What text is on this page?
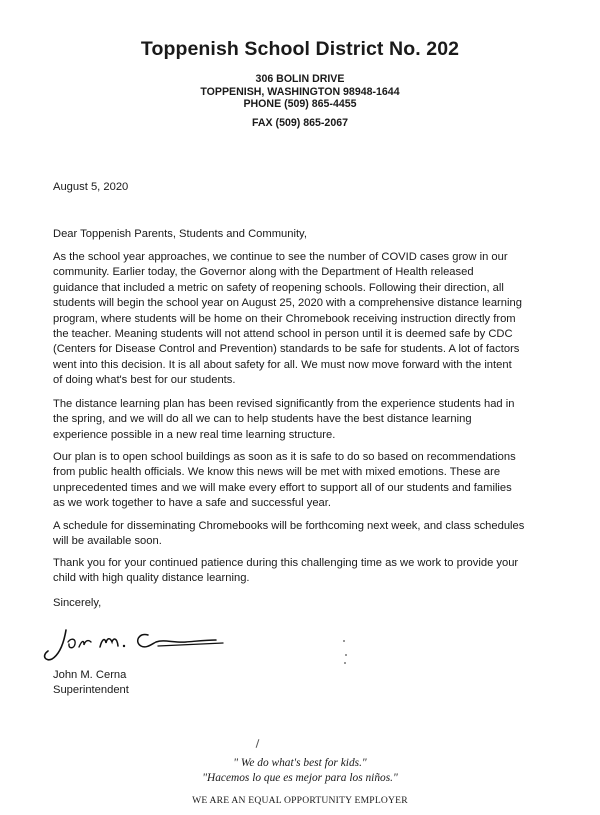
Toppenish School District No. 202
306 BOLIN DRIVE
TOPPENISH, WASHINGTON 98948-1644
PHONE (509) 865-4455
FAX (509) 865-2067
August 5, 2020
Dear Toppenish Parents, Students and Community,
As the school year approaches, we continue to see the number of COVID cases grow in our
community. Earlier today, the Governor along with the Department of Health released
guidance that included a metric on safety of reopening schools. Following their direction, all
students will begin the school year on August 25, 2020 with a comprehensive distance learning
program, where students will be home on their Chromebook receiving instruction directly from
the teacher. Meaning students will not attend school in person until it is deemed safe by CDC
(Centers for Disease Control and Prevention) standards to be safe for students. A lot of factors
went into this decision. It is all about safety for all. We must now move forward with the intent
of doing what's best for our students.
The distance learning plan has been revised significantly from the experience students had in
the spring, and we will do all we can to help students have the best distance learning
experience possible in a new real time learning structure.
Our plan is to open school buildings as soon as it is safe to do so based on recommendations
from public health officials. We know this news will be met with mixed emotions. These are
unprecedented times and we will make every effort to support all of our students and families
as we work together to have a safe and successful year.
A schedule for disseminating Chromebooks will be forthcoming next week, and class schedules
will be available soon.
Thank you for your continued patience during this challenging time as we work to provide your
child with high quality distance learning.
Sincerely,
John M. Cerna
Superintendent
" We do what's best for kids."
"Hacemos lo que es mejor para los niños."
WE ARE AN EQUAL OPPORTUNITY EMPLOYER
